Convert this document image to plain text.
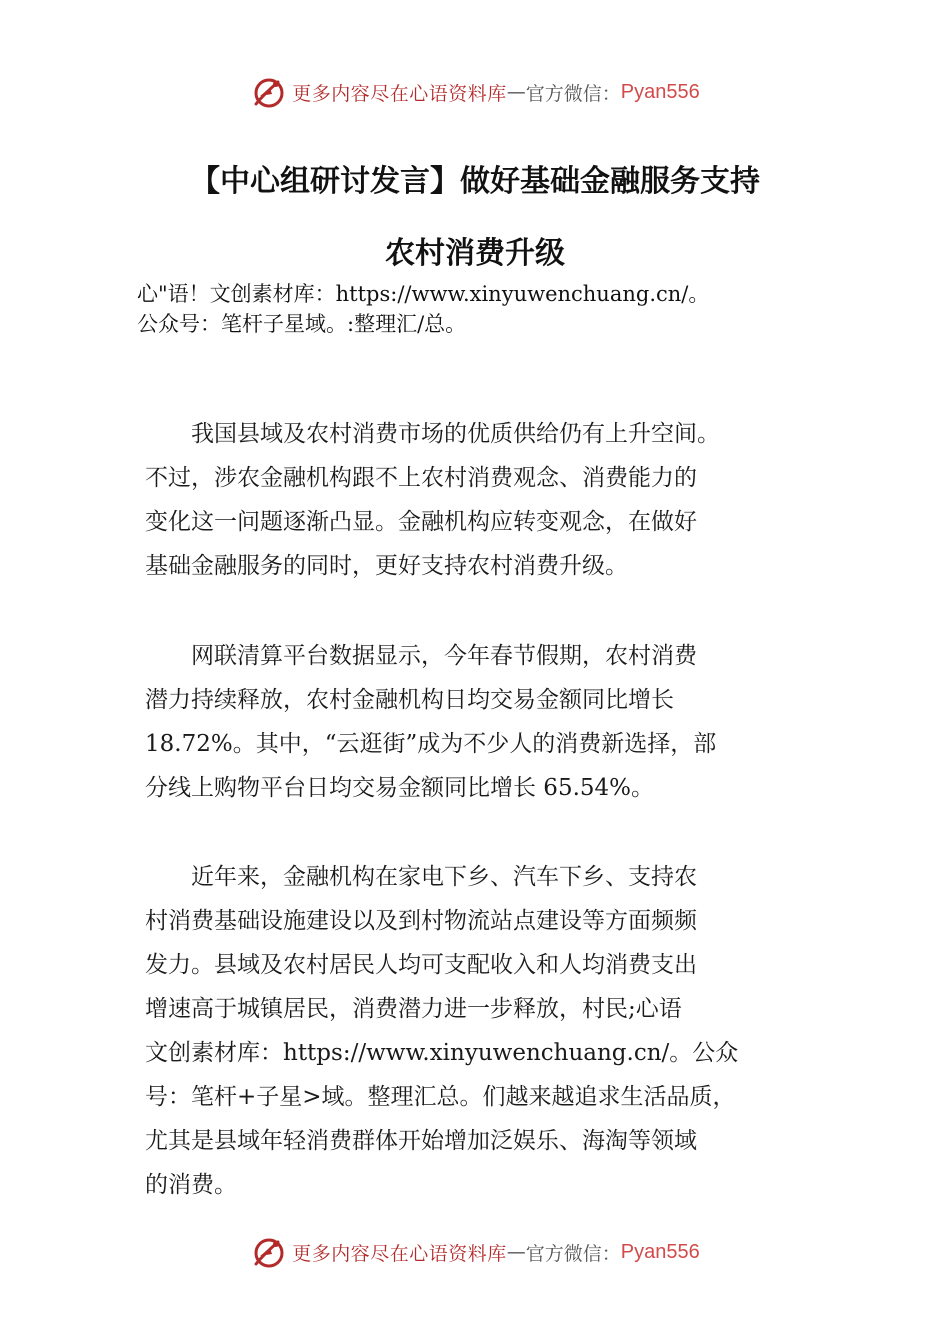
更多内容尽在心语资料库 — 官方微信： Pyan556
【中心组研讨发言】做好基础金融服务支持
农村消费升级
心"语！文创素材库：https://www.xinyuwenchuang.cn/。
公众号：笔杆子星域。:整理汇/总。
　　我国县域及农村消费市场的优质供给仍有上升空间。
不过，涉农金融机构跟不上农村消费观念、消费能力的
变化这一问题逐渐凸显。金融机构应转变观念，在做好
基础金融服务的同时，更好支持农村消费升级。
　　网联清算平台数据显示，今年春节假期，农村消费
潜力持续释放，农村金融机构日均交易金额同比增长
18.72%。其中，“云逛街”成为不少人的消费新选择，部
分线上购物平台日均交易金额同比增长 65.54%。
　　近年来，金融机构在家电下乡、汽车下乡、支持农
村消费基础设施建设以及到村物流站点建设等方面频频
发力。县域及农村居民人均可支配收入和人均消费支出
增速高于城镇居民，消费潜力进一步释放，村民;心语
文创素材库：https://www.xinyuwenchuang.cn/。公众
号：笔杆+子星>域。整理汇总。们越来越追求生活品质，
尤其是县域年轻消费群体开始增加泛娱乐、海淘等领域
的消费。
更多内容尽在心语资料库 — 官方微信： Pyan556
